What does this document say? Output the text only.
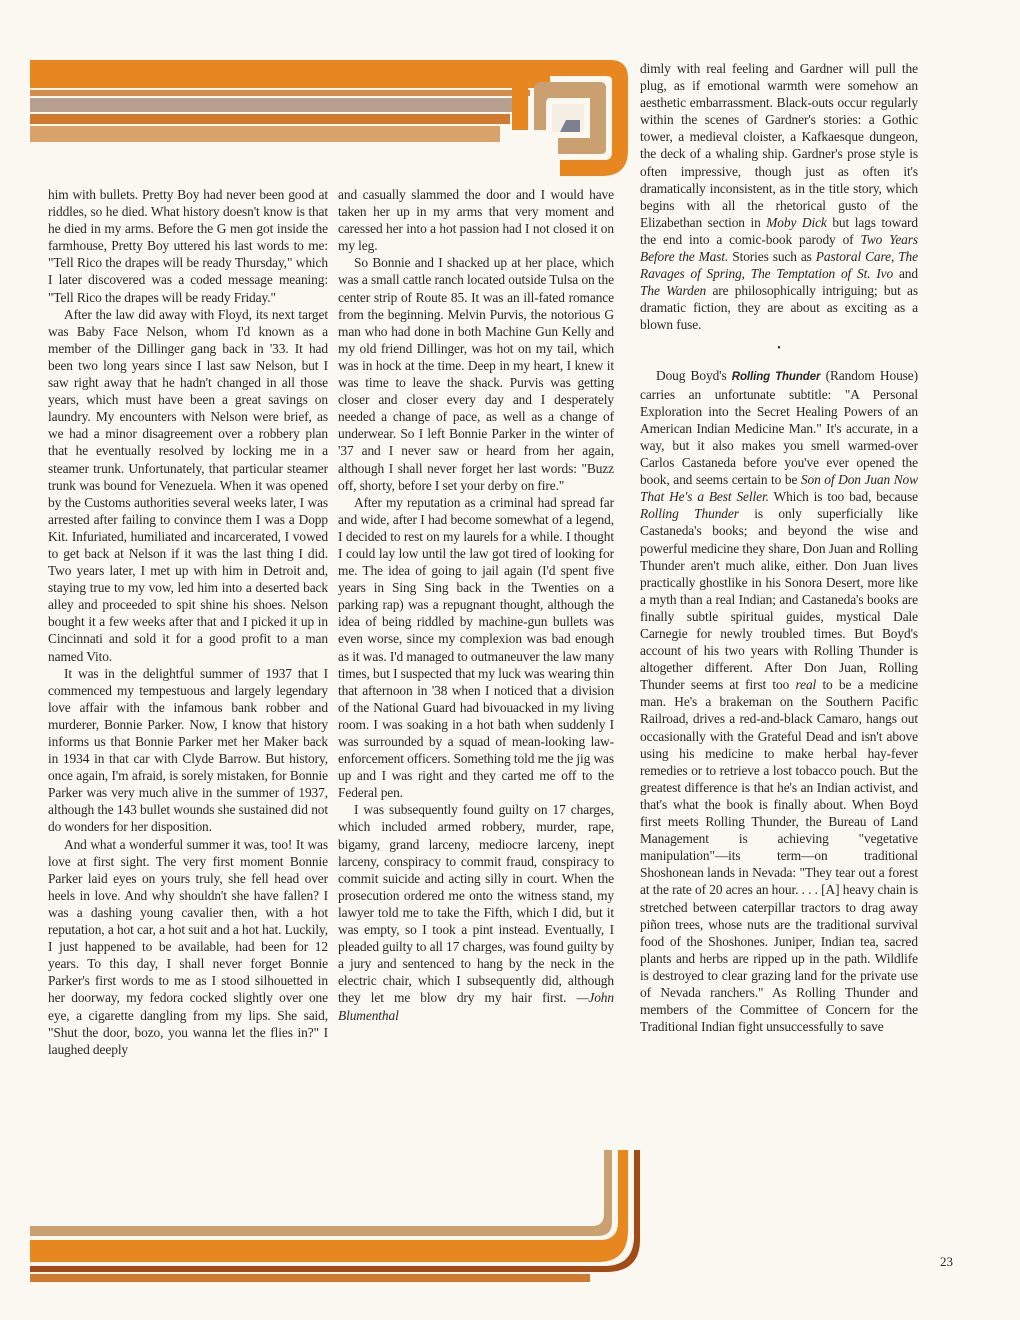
him with bullets. Pretty Boy had never been good at riddles, so he died. What history doesn't know is that he died in my arms. Before the G men got inside the farmhouse, Pretty Boy uttered his last words to me: "Tell Rico the drapes will be ready Thursday," which I later discovered was a coded message meaning: "Tell Rico the drapes will be ready Friday."

After the law did away with Floyd, its next target was Baby Face Nelson, whom I'd known as a member of the Dillinger gang back in '33. It had been two long years since I last saw Nelson, but I saw right away that he hadn't changed in all those years, which must have been a great savings on laundry. My encounters with Nelson were brief, as we had a minor disagreement over a robbery plan that he eventually resolved by locking me in a steamer trunk. Unfortunately, that particular steamer trunk was bound for Venezuela. When it was opened by the Customs authorities several weeks later, I was arrested after failing to convince them I was a Dopp Kit. Infuriated, humiliated and incarcerated, I vowed to get back at Nelson if it was the last thing I did. Two years later, I met up with him in Detroit and, staying true to my vow, led him into a deserted back alley and proceeded to spit shine his shoes. Nelson bought it a few weeks after that and I picked it up in Cincinnati and sold it for a good profit to a man named Vito.

It was in the delightful summer of 1937 that I commenced my tempestuous and largely legendary love affair with the infamous bank robber and murderer, Bonnie Parker. Now, I know that history informs us that Bonnie Parker met her Maker back in 1934 in that car with Clyde Barrow. But history, once again, I'm afraid, is sorely mistaken, for Bonnie Parker was very much alive in the summer of 1937, although the 143 bullet wounds she sustained did not do wonders for her disposition.

And what a wonderful summer it was, too! It was love at first sight. The very first moment Bonnie Parker laid eyes on yours truly, she fell head over heels in love. And why shouldn't she have fallen? I was a dashing young cavalier then, with a hot reputation, a hot car, a hot suit and a hot hat. Luckily, I just happened to be available, had been for 12 years. To this day, I shall never forget Bonnie Parker's first words to me as I stood silhouetted in her doorway, my fedora cocked slightly over one eye, a cigarette dangling from my lips. She said, "Shut the door, bozo, you wanna let the flies in?" I laughed deeply

and casually slammed the door and I would have taken her up in my arms that very moment and caressed her into a hot passion had I not closed it on my leg.

So Bonnie and I shacked up at her place, which was a small cattle ranch located outside Tulsa on the center strip of Route 85. It was an ill-fated romance from the beginning. Melvin Purvis, the notorious G man who had done in both Machine Gun Kelly and my old friend Dillinger, was hot on my tail, which was in hock at the time. Deep in my heart, I knew it was time to leave the shack. Purvis was getting closer and closer every day and I desperately needed a change of pace, as well as a change of underwear. So I left Bonnie Parker in the winter of '37 and I never saw or heard from her again, although I shall never forget her last words: "Buzz off, shorty, before I set your derby on fire."

After my reputation as a criminal had spread far and wide, after I had become somewhat of a legend, I decided to rest on my laurels for a while. I thought I could lay low until the law got tired of looking for me. The idea of going to jail again (I'd spent five years in Sing Sing back in the Twenties on a parking rap) was a repugnant thought, although the idea of being riddled by machine-gun bullets was even worse, since my complexion was bad enough as it was. I'd managed to outmaneuver the law many times, but I suspected that my luck was wearing thin that afternoon in '38 when I noticed that a division of the National Guard had bivouacked in my living room. I was soaking in a hot bath when suddenly I was surrounded by a squad of mean-looking law-enforcement officers. Something told me the jig was up and I was right and they carted me off to the Federal pen.

I was subsequently found guilty on 17 charges, which included armed robbery, murder, rape, bigamy, grand larceny, mediocre larceny, inept larceny, conspiracy to commit fraud, conspiracy to commit suicide and acting silly in court. When the prosecution ordered me onto the witness stand, my lawyer told me to take the Fifth, which I did, but it was empty, so I took a pint instead. Eventually, I pleaded guilty to all 17 charges, was found guilty by a jury and sentenced to hang by the neck in the electric chair, which I subsequently did, although they let me blow dry my hair first. —John Blumenthal

dimly with real feeling and Gardner will pull the plug, as if emotional warmth were somehow an aesthetic embarrassment. Black-outs occur regularly within the scenes of Gardner's stories: a Gothic tower, a medieval cloister, a Kafkaesque dungeon, the deck of a whaling ship. Gardner's prose style is often impressive, though just as often it's dramatically inconsistent, as in the title story, which begins with all the rhetorical gusto of the Elizabethan section in Moby Dick but lags toward the end into a comic-book parody of Two Years Before the Mast. Stories such as Pastoral Care, The Ravages of Spring, The Temptation of St. Ivo and The Warden are philosophically intriguing; but as dramatic fiction, they are about as exciting as a blown fuse.

•

Doug Boyd's Rolling Thunder (Random House) carries an unfortunate subtitle: "A Personal Exploration into the Secret Healing Powers of an American Indian Medicine Man." It's accurate, in a way, but it also makes you smell warmed-over Carlos Castaneda before you've ever opened the book, and seems certain to be Son of Don Juan Now That He's a Best Seller. Which is too bad, because Rolling Thunder is only superficially like Castaneda's books; and beyond the wise and powerful medicine they share, Don Juan and Rolling Thunder aren't much alike, either. Don Juan lives practically ghostlike in his Sonora Desert, more like a myth than a real Indian; and Castaneda's books are finally subtle spiritual guides, mystical Dale Carnegie for newly troubled times. But Boyd's account of his two years with Rolling Thunder is altogether different. After Don Juan, Rolling Thunder seems at first too real to be a medicine man. He's a brakeman on the Southern Pacific Railroad, drives a red-and-black Camaro, hangs out occasionally with the Grateful Dead and isn't above using his medicine to make herbal hay-fever remedies or to retrieve a lost tobacco pouch. But the greatest difference is that he's an Indian activist, and that's what the book is finally about. When Boyd first meets Rolling Thunder, the Bureau of Land Management is achieving "vegetative manipulation"—its term—on traditional Shoshonean lands in Nevada: "They tear out a forest at the rate of 20 acres an hour. . . . [A] heavy chain is stretched between caterpillar tractors to drag away piñon trees, whose nuts are the traditional survival food of the Shoshones. Juniper, Indian tea, sacred plants and herbs are ripped up in the path. Wildlife is destroyed to clear grazing land for the private use of Nevada ranchers." As Rolling Thunder and members of the Committee of Concern for the Traditional Indian fight unsuccessfully to save

23
